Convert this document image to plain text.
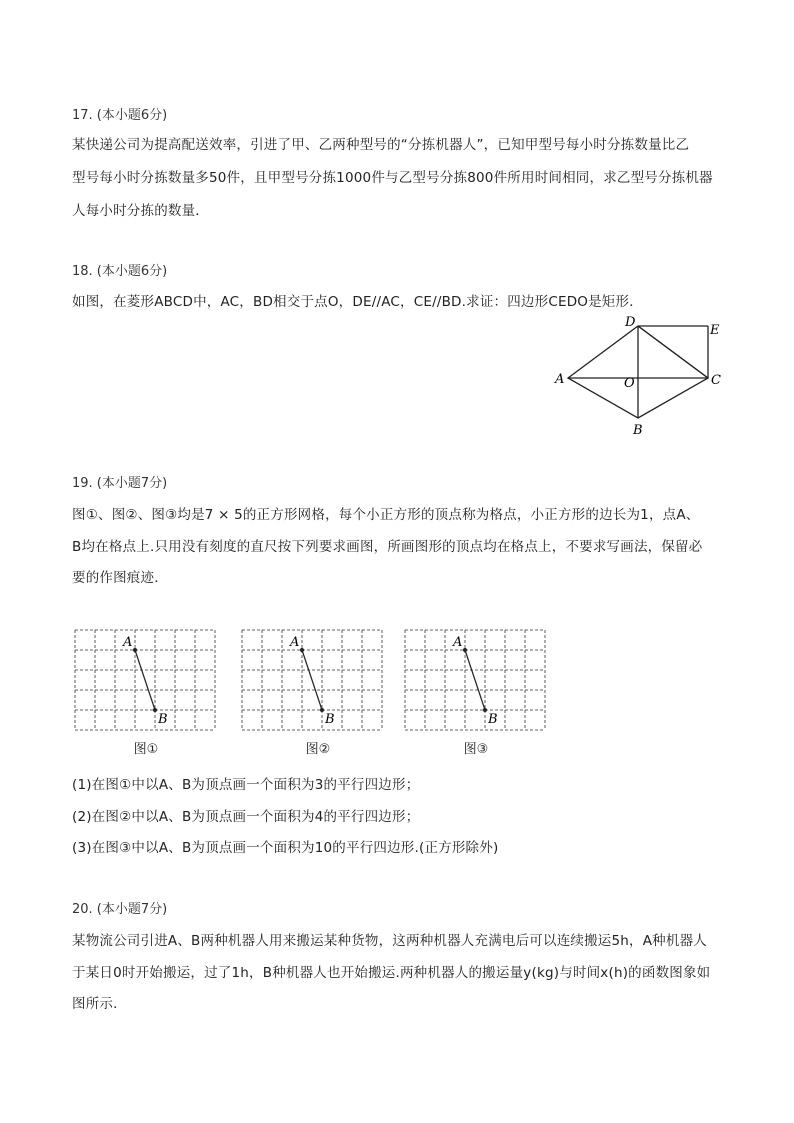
17. (本小题6分)
某快递公司为提高配送效率，引进了甲、乙两种型号的“分拣机器人”，已知甲型号每小时分拣数量比乙
型号每小时分拣数量多50件，且甲型号分拣1000件与乙型号分拣800件所用时间相同，求乙型号分拣机器
人每小时分拣的数量．
18. (本小题6分)
如图，在菱形ABCD中，AC，BD相交于点O，DE//AC，CE//BD.求证：四边形CEDO是矩形．
D
E
A	O	C
B
19. (本小题7分)
图①、图②、图③均是7 × 5的正方形网格，每个小正方形的顶点称为格点，小正方形的边长为1，点A、
B均在格点上.只用没有刻度的直尺按下列要求画图，所画图形的顶点均在格点上，不要求写画法，保留必
要的作图痕迹．
A
B
图①
A
B
图②
A
B
图③
(1)在图①中以A、B为顶点画一个面积为3的平行四边形；
(2)在图②中以A、B为顶点画一个面积为4的平行四边形；
(3)在图③中以A、B为顶点画一个面积为10的平行四边形.(正方形除外)
20. (本小题7分)
某物流公司引进A、B两种机器人用来搬运某种货物，这两种机器人充满电后可以连续搬运5h，A种机器人
于某日0时开始搬运，过了1h，B种机器人也开始搬运.两种机器人的搬运量y(kg)与时间x(h)的函数图象如
图所示．
